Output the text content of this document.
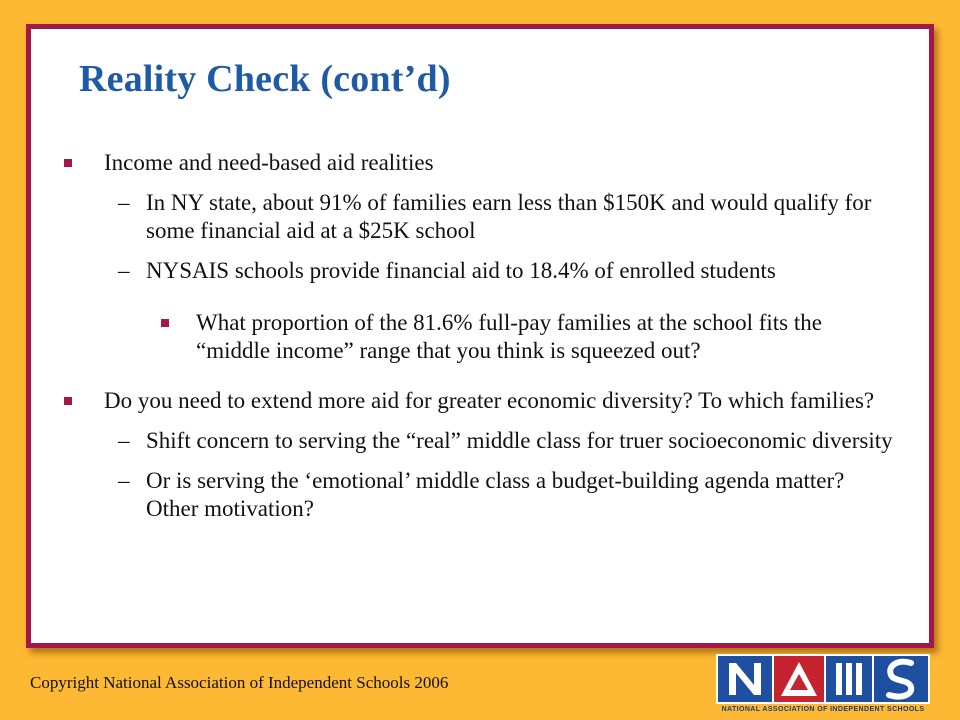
Reality Check (cont’d)
Income and need-based aid realities
– In NY state, about 91% of families earn less than $150K and would qualify for some financial aid at a $25K school
– NYSAIS schools provide financial aid to 18.4% of enrolled students
What proportion of the 81.6% full-pay families at the school fits the “middle income” range that you think is squeezed out?
Do you need to extend more aid for greater economic diversity? To which families?
– Shift concern to serving the “real” middle class for truer socioeconomic diversity
– Or is serving the ‘emotional’ middle class a budget-building agenda matter? Other motivation?
Copyright National Association of Independent Schools 2006
NATIONAL ASSOCIATION OF INDEPENDENT SCHOOLS
